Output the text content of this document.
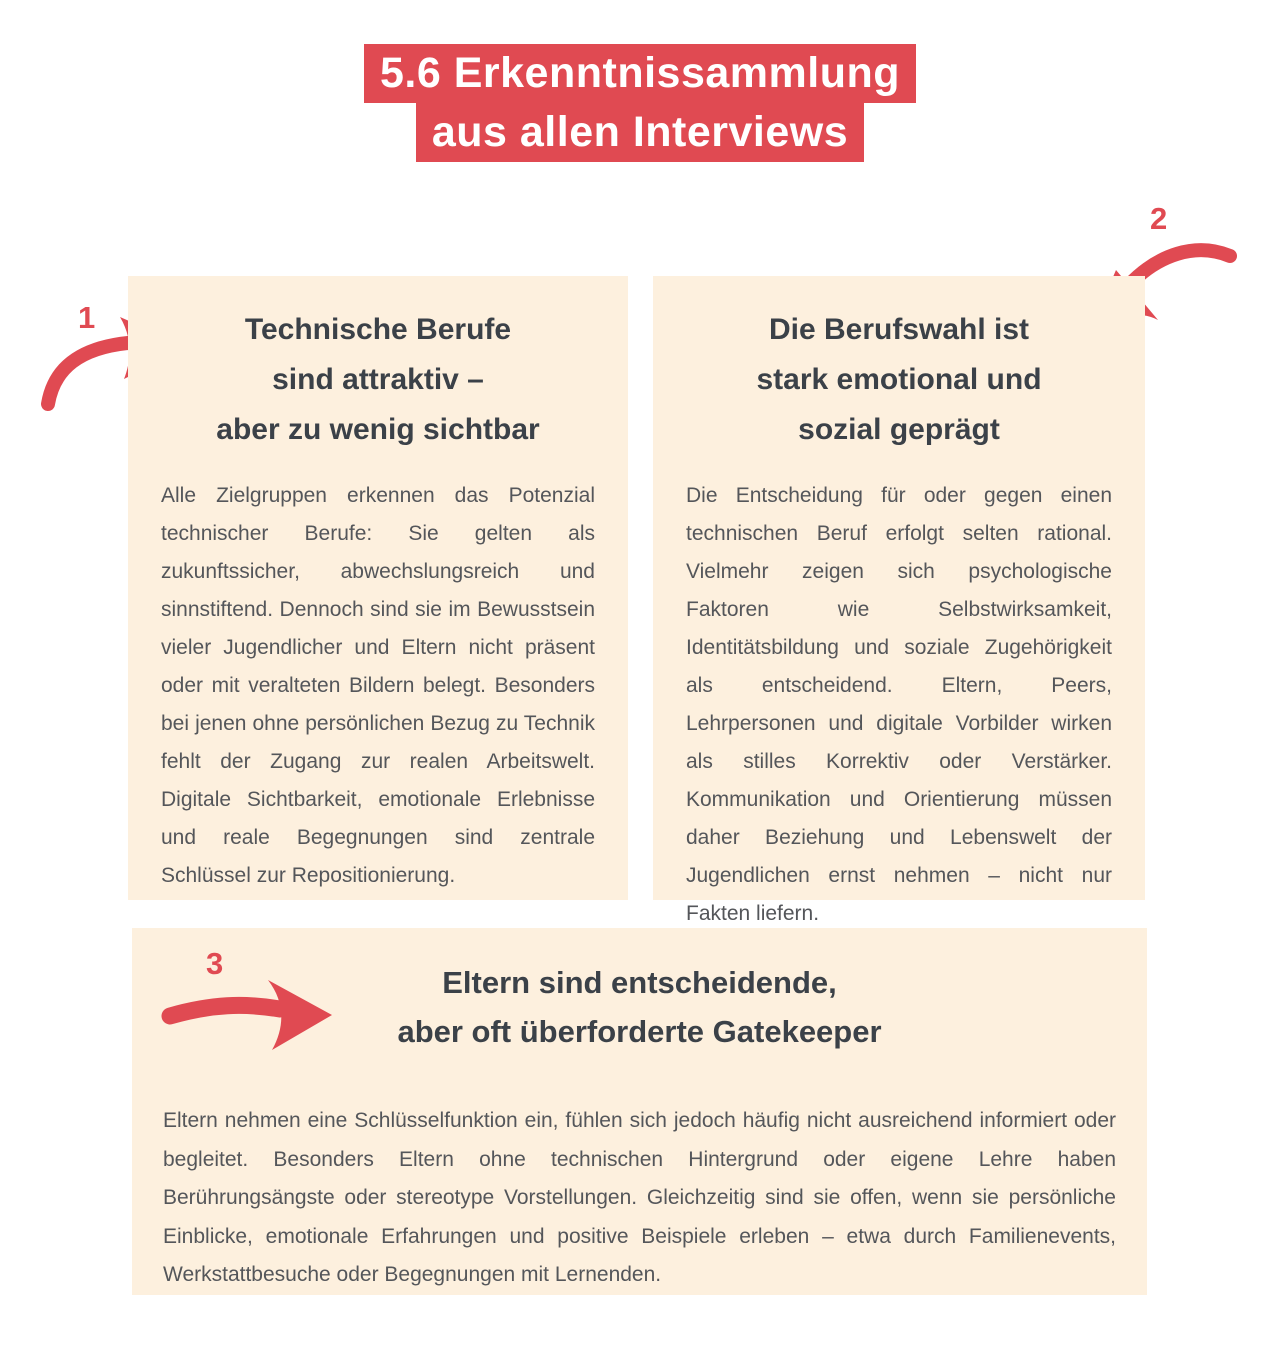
5.6 Erkenntnissammlung
aus allen Interviews
1
2
Technische Berufe
sind attraktiv –
aber zu wenig sichtbar

Alle Zielgruppen erkennen das Potenzial technischer Berufe: Sie gelten als zukunftssicher, abwechslungsreich und sinnstiftend. Dennoch sind sie im Bewusstsein vieler Jugendlicher und Eltern nicht präsent oder mit veralteten Bildern belegt. Besonders bei jenen ohne persönlichen Bezug zu Technik fehlt der Zugang zur realen Arbeitswelt. Digitale Sichtbarkeit, emotionale Erlebnisse und reale Begegnungen sind zentrale Schlüssel zur Repositionierung.

Die Berufswahl ist
stark emotional und
sozial geprägt

Die Entscheidung für oder gegen einen technischen Beruf erfolgt selten rational. Vielmehr zeigen sich psychologische Faktoren wie Selbstwirksamkeit, Identitätsbildung und soziale Zugehörigkeit als entscheidend. Eltern, Peers, Lehrpersonen und digitale Vorbilder wirken als stilles Korrektiv oder Verstärker. Kommunikation und Orientierung müssen daher Beziehung und Lebenswelt der Jugendlichen ernst nehmen – nicht nur Fakten liefern.

Eltern sind entscheidende,
aber oft überforderte Gatekeeper

Eltern nehmen eine Schlüsselfunktion ein, fühlen sich jedoch häufig nicht ausreichend informiert oder begleitet. Besonders Eltern ohne technischen Hintergrund oder eigene Lehre haben Berührungsängste oder stereotype Vorstellungen. Gleichzeitig sind sie offen, wenn sie persönliche Einblicke, emotionale Erfahrungen und positive Beispiele erleben – etwa durch Familienevents, Werkstattbesuche oder Begegnungen mit Lernenden.

3
